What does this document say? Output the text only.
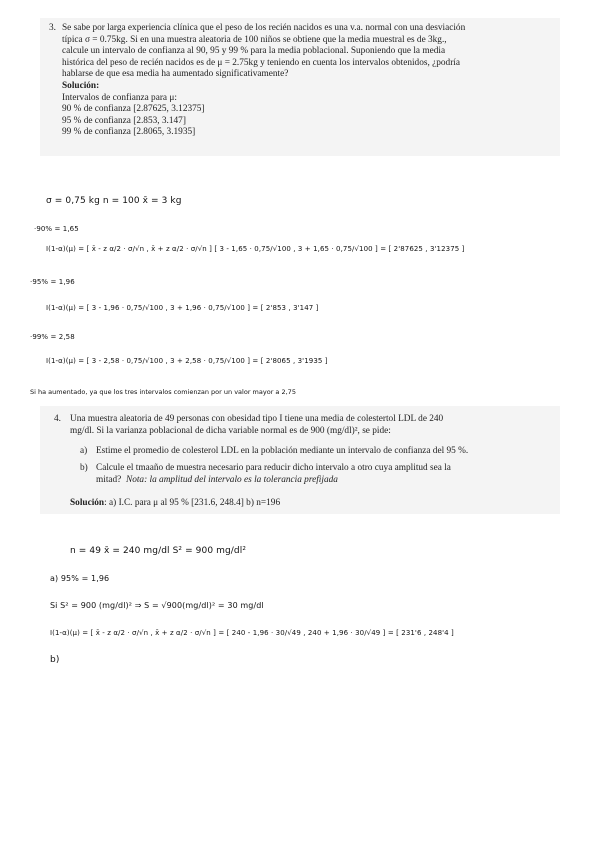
3. Se sabe por larga experiencia clínica que el peso de los recién nacidos es una v.a. normal con una desviación

típica σ = 0.75kg. Si en una muestra aleatoria de 100 niños se obtiene que la media muestral es de 3kg.,

calcule un intervalo de confianza al 90, 95 y 99 % para la media poblacional. Suponiendo que la media

histórica del peso de recién nacidos es de μ = 2.75kg y teniendo en cuenta los intervalos obtenidos, ¿podría

hablarse de que esa media ha aumentado significativamente?

Solución:

Intervalos de confianza para μ:

90 % de confianza [2.87625, 3.12375]

95 % de confianza [2.853, 3.147]

99 % de confianza [2.8065, 3.1935]

σ = 0,75 kg n = 100 x̄ = 3 kg
·90% = 1,65
I(1-α)(μ) = [ x̄ - z α/2 · σ/√n , x̄ + z α/2 · σ/√n ] [ 3 - 1,65 · 0,75/√100 , 3 + 1,65 · 0,75/√100 ] = [ 2'87625 , 3'12375 ]
·95% = 1,96
I(1-α)(μ) = [ 3 - 1,96 · 0,75/√100 , 3 + 1,96 · 0,75/√100 ] = [ 2'853 , 3'147 ]
·99% = 2,58
I(1-α)(μ) = [ 3 - 2,58 · 0,75/√100 , 3 + 2,58 · 0,75/√100 ] = [ 2'8065 , 3'1935 ]
Si ha aumentado, ya que los tres intervalos comienzan por un valor mayor a 2,75
4. Una muestra aleatoria de 49 personas con obesidad tipo I tiene una media de colestertol LDL de 240

mg/dl. Si la varianza poblacional de dicha variable normal es de 900 (mg/dl)², se pide:

a) Estime el promedio de colesterol LDL en la población mediante un intervalo de confianza del 95 %.

b) Calcule el tmaaño de muestra necesario para reducir dicho intervalo a otro cuya amplitud sea la

mitad? Nota: la amplitud del intervalo es la tolerancia prefijada

Solución: a) I.C. para μ al 95 % [231.6, 248.4] b) n=196

n = 49 x̄ = 240 mg/dl S² = 900 mg/dl²
a) 95% = 1,96
Si S² = 900 (mg/dl)² ⇒ S = √900(mg/dl)² = 30 mg/dl
I(1-α)(μ) = [ x̄ - z α/2 · σ/√n , x̄ + z α/2 · σ/√n ] = [ 240 - 1,96 · 30/√49 , 240 + 1,96 · 30/√49 ] = [ 231'6 , 248'4 ]
b)
